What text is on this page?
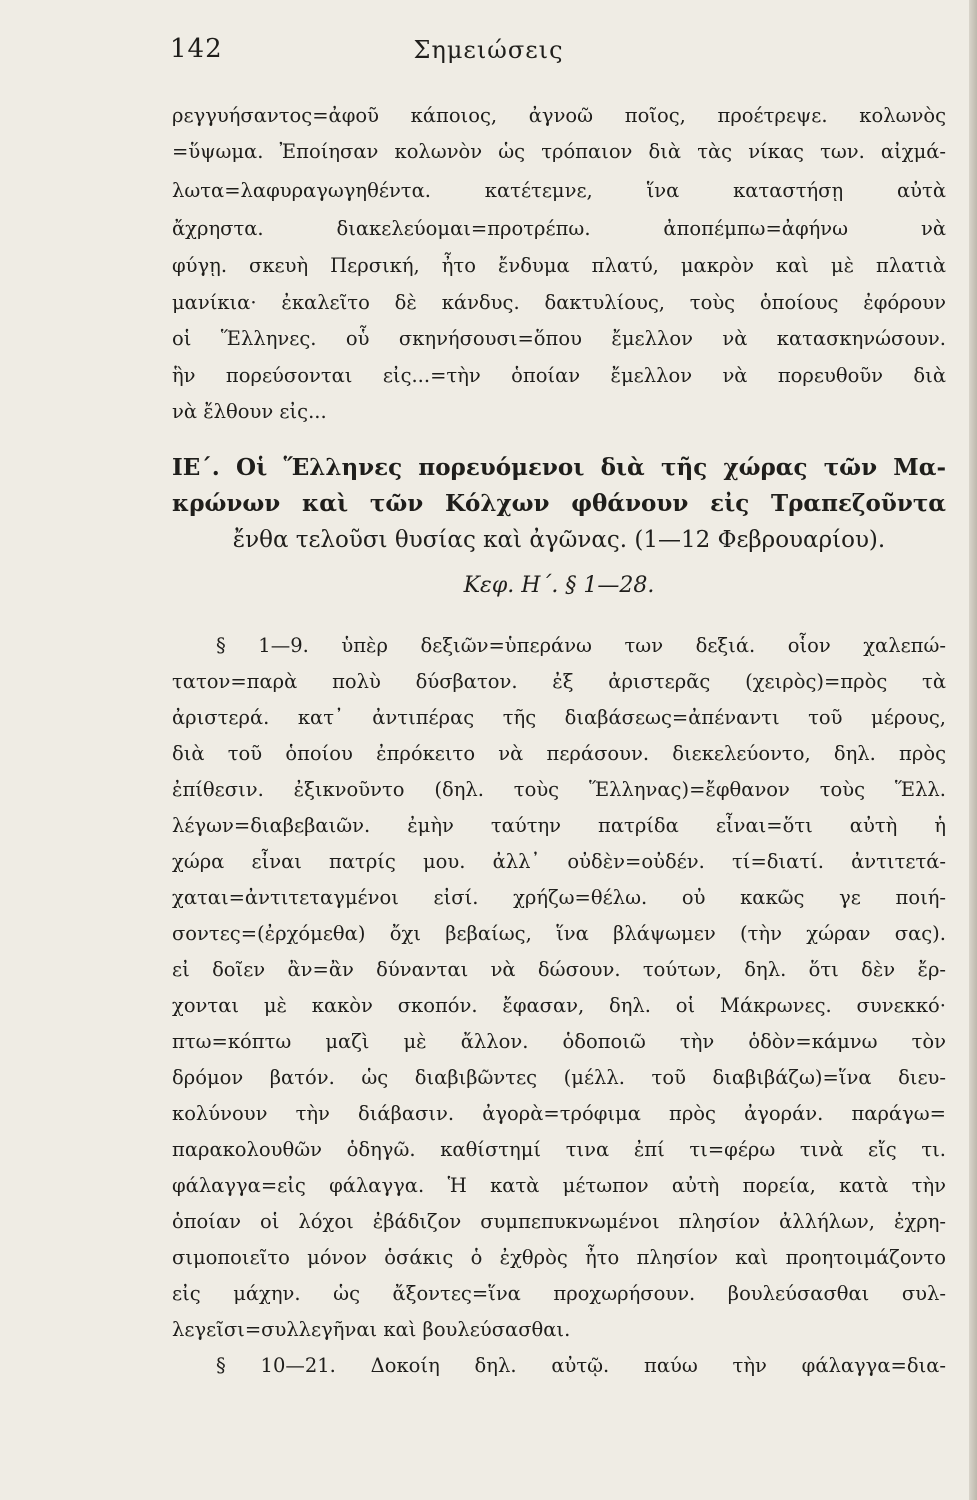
142	Σημειώσεις
ρεγγυήσαντος=ἀφοῦ κάποιος, ἀγνοῶ ποῖος, προέτρεψε. κολωνὸς
=ὕψωμα. Ἐποίησαν κολωνὸν ὡς τρόπαιον διὰ τὰς νίκας των. αἰχμά-
λωτα=λαφυραγωγηθέντα. κατέτεμνε, ἵνα καταστήσῃ αὐτὰ
ἄχρηστα. διακελεύομαι=προτρέπω. ἀποπέμπω=ἀφήνω νὰ
φύγῃ. σκευὴ Περσική, ἦτο ἔνδυμα πλατύ, μακρὸν καὶ μὲ πλατιὰ
μανίκια· ἐκαλεῖτο δὲ κάνδυς. δακτυλίους, τοὺς ὁποίους ἐφόρουν
οἱ Ἕλληνες. οὗ σκηνήσουσι=ὅπου ἔμελλον νὰ κατασκηνώσουν.
ἣν πορεύσονται εἰς...=τὴν ὁποίαν ἔμελλον νὰ πορευθοῦν διὰ
νὰ ἔλθουν εἰς...
ΙΕ΄. Οἱ Ἕλληνες πορευόμενοι διὰ τῆς χώρας τῶν Μα-
κρώνων καὶ τῶν Κόλχων φθάνουν εἰς Τραπεζοῦντα
ἔνθα τελοῦσι θυσίας καὶ ἀγῶνας. (1—12 Φεβρουαρίου).
Κεφ. Η΄. § 1—28.
§ 1—9. ὑπὲρ δεξιῶν=ὑπεράνω των δεξιά. οἷον χαλεπώ-
τατον=παρὰ πολὺ δύσβατον. ἐξ ἀριστερᾶς (χειρὸς)=πρὸς τὰ
ἀριστερά. κατ᾽ ἀντιπέρας τῆς διαβάσεως=ἀπέναντι τοῦ μέρους,
διὰ τοῦ ὁποίου ἐπρόκειτο νὰ περάσουν. διεκελεύοντο, δηλ. πρὸς
ἐπίθεσιν. ἐξικνοῦντο (δηλ. τοὺς Ἕλληνας)=ἔφθανον τοὺς Ἕλλ.
λέγων=διαβεβαιῶν. ἐμὴν ταύτην πατρίδα εἶναι=ὅτι αὐτὴ ἡ
χώρα εἶναι πατρίς μου. ἀλλ᾽ οὐδὲν=οὐδέν. τί=διατί. ἀντιτετά-
χαται=ἀντιτεταγμένοι εἰσί. χρήζω=θέλω. οὐ κακῶς γε ποιή-
σοντες=(ἐρχόμεθα) ὄχι βεβαίως, ἵνα βλάψωμεν (τὴν χώραν σας).
εἰ δοῖεν ἂν=ἂν δύνανται νὰ δώσουν. τούτων, δηλ. ὅτι δὲν ἔρ-
χονται μὲ κακὸν σκοπόν. ἔφασαν, δηλ. οἱ Μάκρωνες. συνεκκό·
πτω=κόπτω μαζὶ μὲ ἄλλον. ὁδοποιῶ τὴν ὁδὸν=κάμνω τὸν
δρόμον βατόν. ὡς διαβιβῶντες (μέλλ. τοῦ διαβιβάζω)=ἵνα διευ-
κολύνουν τὴν διάβασιν. ἀγορὰ=τρόφιμα πρὸς ἀγοράν. παράγω=
παρακολουθῶν ὁδηγῶ. καθίστημί τινα ἐπί τι=φέρω τινὰ εἴς τι.
φάλαγγα=εἰς φάλαγγα. Ἡ κατὰ μέτωπον αὐτὴ πορεία, κατὰ τὴν
ὁποίαν οἱ λόχοι ἐβάδιζον συμπεπυκνωμένοι πλησίον ἀλλήλων, ἐχρη-
σιμοποιεῖτο μόνον ὁσάκις ὁ ἐχθρὸς ἦτο πλησίον καὶ προητοιμάζοντο
εἰς μάχην. ὡς ἄξοντες=ἵνα προχωρήσουν. βουλεύσασθαι συλ-
λεγεῖσι=συλλεγῆναι καὶ βουλεύσασθαι.
§ 10—21. Δοκοίη δηλ. αὐτῷ. παύω τὴν φάλαγγα=δια-
